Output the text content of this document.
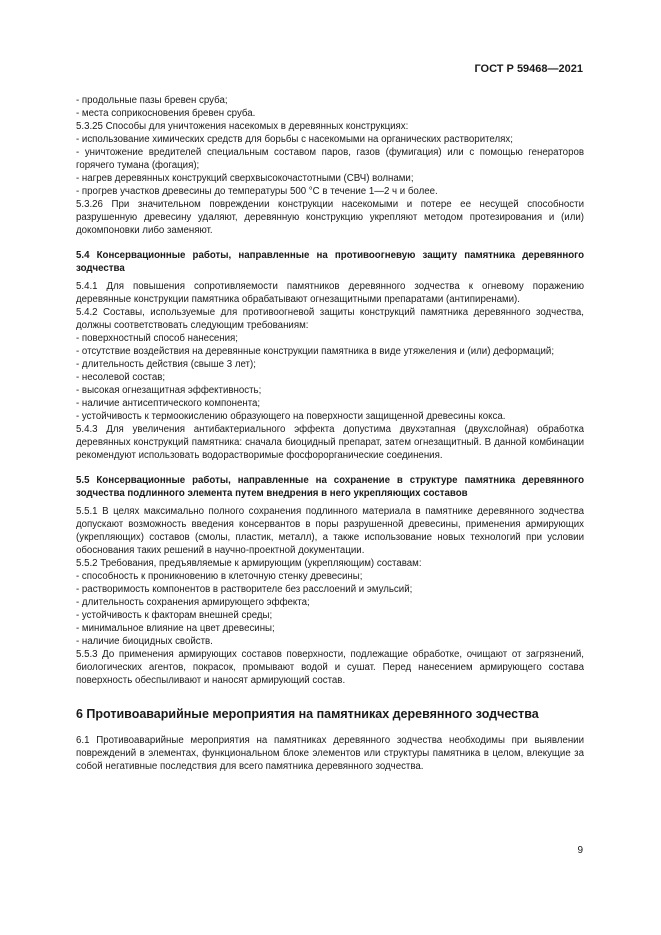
ГОСТ Р 59468—2021

- продольные пазы бревен сруба;

- места соприкосновения бревен сруба.

5.3.25 Способы для уничтожения насекомых в деревянных конструкциях:

- использование химических средств для борьбы с насекомыми на органических растворителях;

- уничтожение вредителей специальным составом паров, газов (фумигация) или с помощью генераторов горячего тумана (фогация);

- нагрев деревянных конструкций сверхвысокочастотными (СВЧ) волнами;

- прогрев участков древесины до температуры 500 °С в течение 1—2 ч и более.

5.3.26 При значительном повреждении конструкции насекомыми и потере ее несущей способности разрушенную древесину удаляют, деревянную конструкцию укрепляют методом протезирования и (или) докомпоновки либо заменяют.

5.4 Консервационные работы, направленные на противоогневую защиту памятника деревянного зодчества

5.4.1 Для повышения сопротивляемости памятников деревянного зодчества к огневому поражению деревянные конструкции памятника обрабатывают огнезащитными препаратами (антипиренами).

5.4.2 Составы, используемые для противоогневой защиты конструкций памятника деревянного зодчества, должны соответствовать следующим требованиям:

- поверхностный способ нанесения;

- отсутствие воздействия на деревянные конструкции памятника в виде утяжеления и (или) деформаций;

- длительность действия (свыше 3 лет);

- несолевой состав;

- высокая огнезащитная эффективность;

- наличие антисептического компонента;

- устойчивость к термоокислению образующего на поверхности защищенной древесины кокса.

5.4.3 Для увеличения антибактериального эффекта допустима двухэтапная (двухслойная) обработка деревянных конструкций памятника: сначала биоцидный препарат, затем огнезащитный. В данной комбинации рекомендуют использовать водорастворимые фосфорорганические соединения.

5.5 Консервационные работы, направленные на сохранение в структуре памятника деревянного зодчества подлинного элемента путем внедрения в него укрепляющих составов

5.5.1 В целях максимально полного сохранения подлинного материала в памятнике деревянного зодчества допускают возможность введения консервантов в поры разрушенной древесины, применения армирующих (укрепляющих) составов (смолы, пластик, металл), а также использование новых технологий при условии обоснования таких решений в научно-проектной документации.

5.5.2 Требования, предъявляемые к армирующим (укрепляющим) составам:

- способность к проникновению в клеточную стенку древесины;

- растворимость компонентов в растворителе без расслоений и эмульсий;

- длительность сохранения армирующего эффекта;

- устойчивость к факторам внешней среды;

- минимальное влияние на цвет древесины;

- наличие биоцидных свойств.

5.5.3 До применения армирующих составов поверхности, подлежащие обработке, очищают от загрязнений, биологических агентов, покрасок, промывают водой и сушат. Перед нанесением армирующего состава поверхность обеспыливают и наносят армирующий состав.

6 Противоаварийные мероприятия на памятниках деревянного зодчества

6.1 Противоаварийные мероприятия на памятниках деревянного зодчества необходимы при выявлении повреждений в элементах, функциональном блоке элементов или структуры памятника в целом, влекущие за собой негативные последствия для всего памятника деревянного зодчества.

9
